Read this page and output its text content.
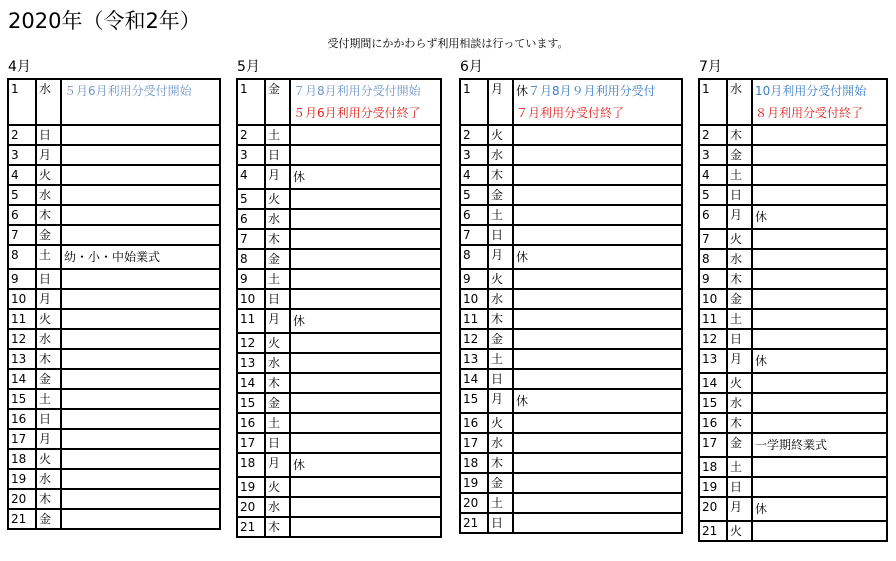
2020年（令和2年）
受付期間にかかわらず利用相談は行っています。
4月
1	水	５月6月利用分受付開始

2	日	
3	月	
4	火	
5	水	
6	木	
7	金	
8	土	幼・小・中始業式

9	日	
10	月	
11	火	
12	水	
13	木	
14	金	
15	土	
16	日	
17	月	
18	火	
19	水	
20	木	
21	金	
5月
1	金	７月8月利用分受付開始
５月6月利用分受付終了

2	土	
3	日	
4	月	休

5	火	
6	水	
7	木	
8	金	
9	土	
10	日	
11	月	休

12	火	
13	水	
14	木	
15	金	
16	土	
17	日	
18	月	休

19	火	
20	水	
21	木	
6月
1	月	休７月8月９月利用分受付
７月利用分受付終了

2	火	
3	水	
4	木	
5	金	
6	土	
7	日	
8	月	休

9	火	
10	水	
11	木	
12	金	
13	土	
14	日	
15	月	休

16	火	
17	水	
18	木	
19	金	
20	土	
21	日	
7月
1	水	10月利用分受付開始
８月利用分受付終了

2	木	
3	金	
4	土	
5	日	
6	月	休

7	火	
8	水	
9	木	
10	金	
11	土	
12	日	
13	月	休

14	火	
15	水	
16	木	
17	金	一学期終業式

18	土	
19	日	
20	月	休

21	火	
